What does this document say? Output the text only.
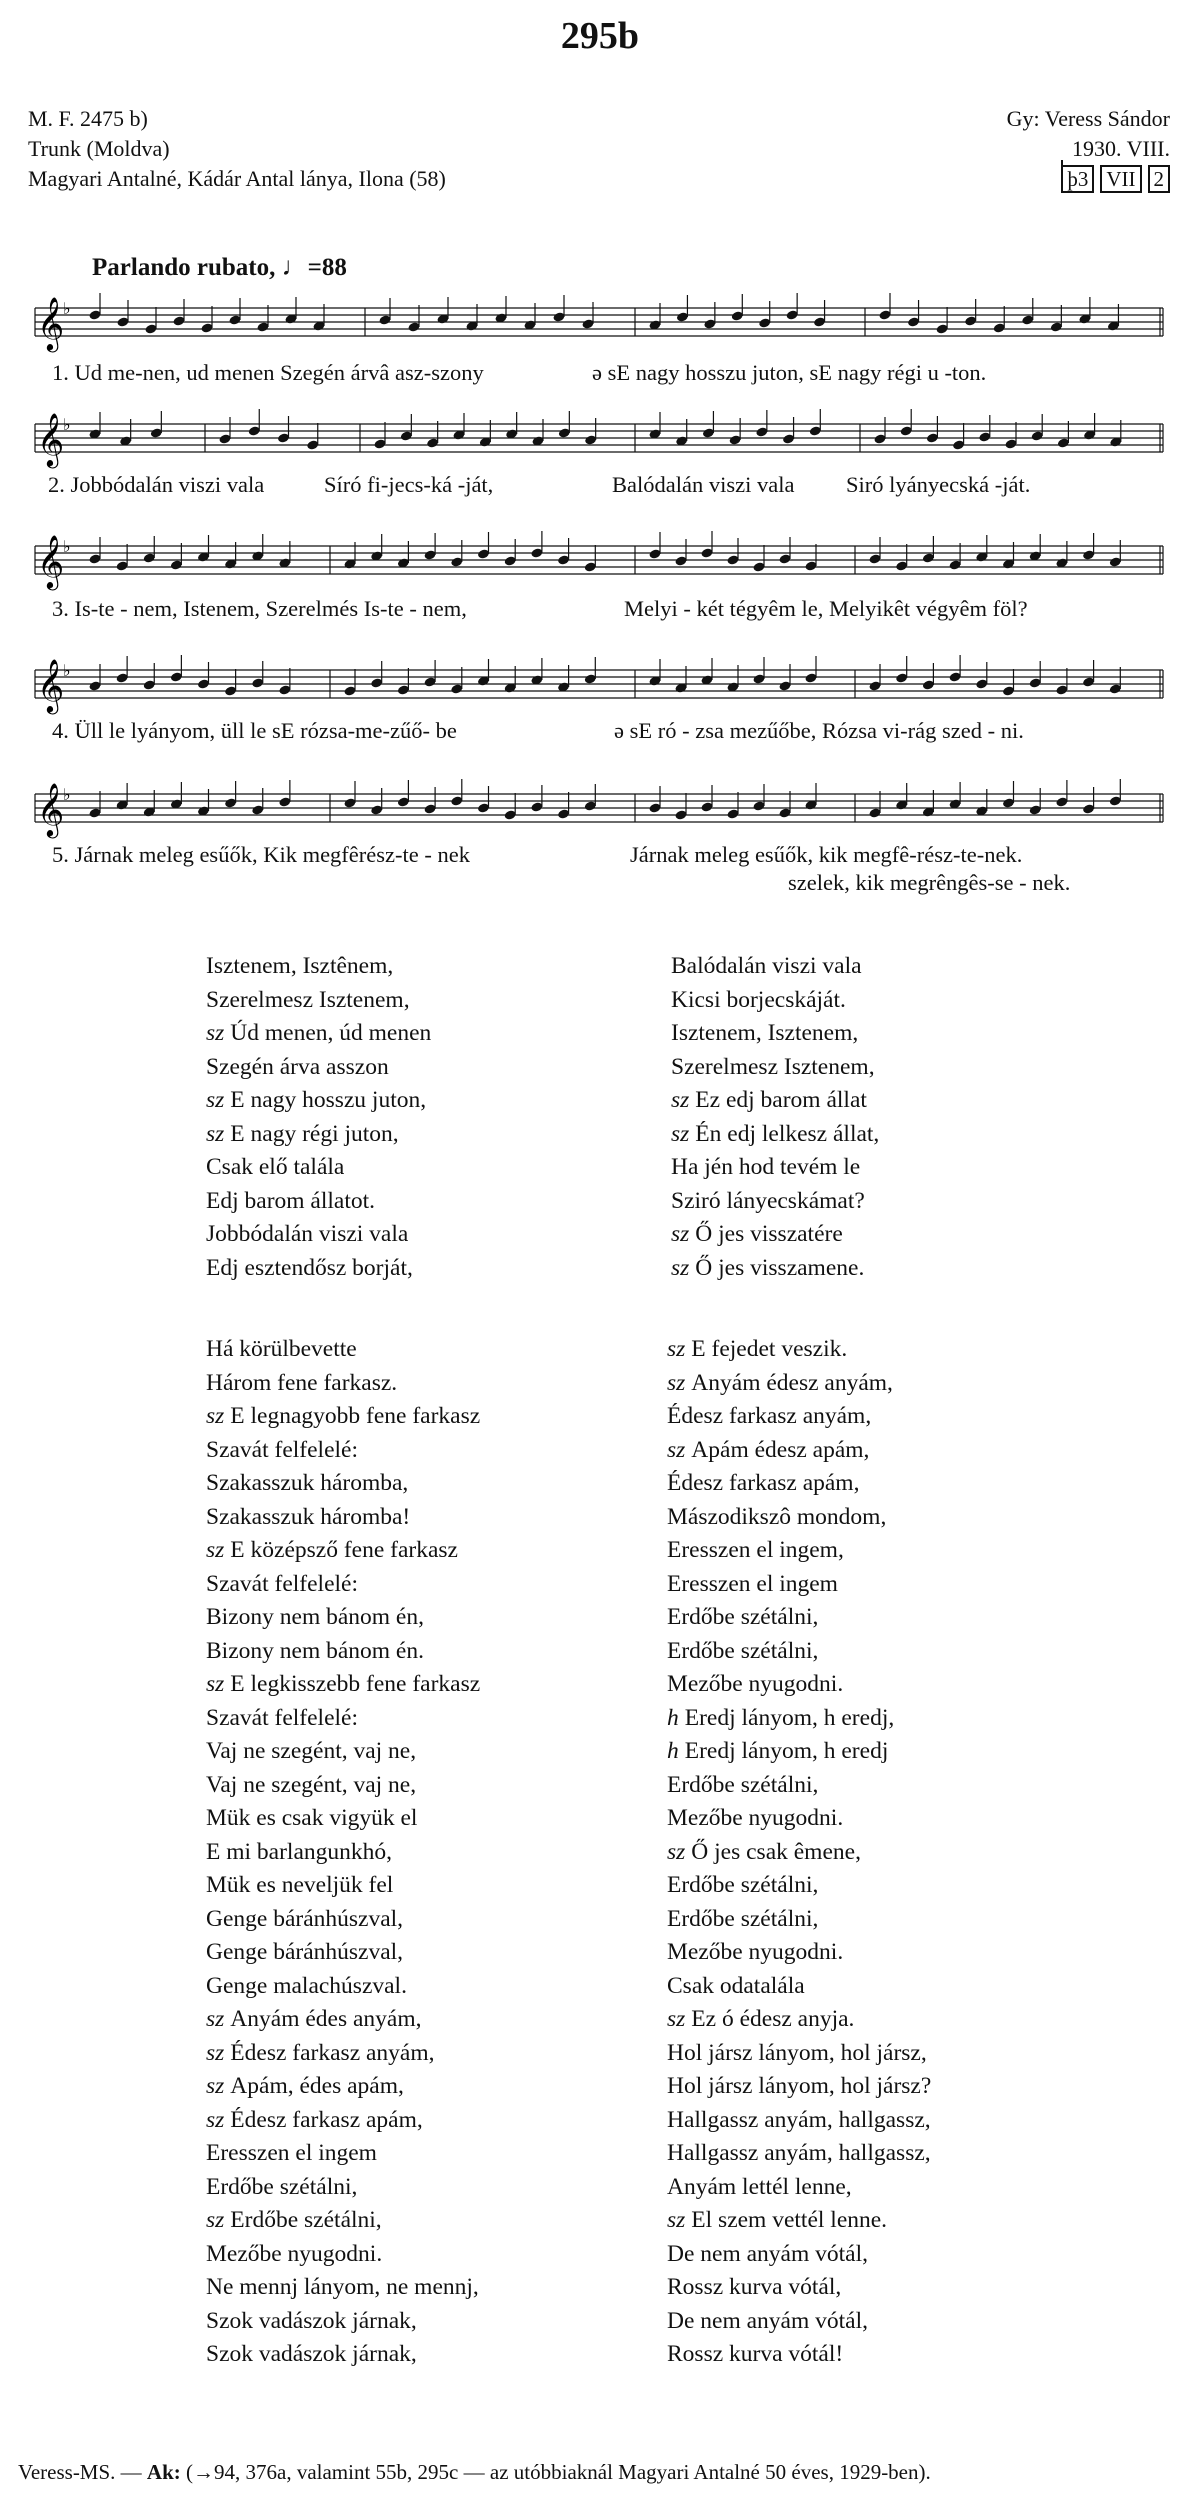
295b
M. F. 2475 b)
Trunk (Moldva)
Magyari Antalné, Kádár Antal lánya, Ilona (58)
Gy: Veress Sándor
1930. VIII.
þ3 VII 2
Parlando rubato, ♩=88
𝄞
♭
𝄞
♭
𝄞
♭
𝄞
♭
𝄞
♭
1. Ud me-nen, ud menen Szegén árvâ asz-szony	ə sE nagy hosszu juton, sE nagy régi u -ton.
2. Jobbódalán viszi vala	Síró fi-jecs-ká -ját,	Balódalán viszi vala Siró lyányecská -ját.
3. Is-te - nem, Istenem, Szerelmés Is-te - nem,	Melyi - két tégyêm le, Melyikêt végyêm föl?
4. Üll le lyányom, üll le sE rózsa-me-zűő- be	ə sE ró - zsa mezűőbe, Rózsa vi-rág szed - ni.
5. Járnak meleg esűők, Kik megfêrész-te - nek	Járnak meleg esűők, kik megfê-rész-te-nek.
szelek, kik megrêngês-se - nek.
Isztenem, Isztênem,
Szerelmesz Isztenem,
sz Úd menen, úd menen
Szegén árva asszon
sz E nagy hosszu juton,
sz E nagy régi juton,
Csak elő talála
Edj barom állatot.
Jobbódalán viszi vala
Edj esztendősz borját,
Balódalán viszi vala
Kicsi borjecskáját.
Isztenem, Isztenem,
Szerelmesz Isztenem,
sz Ez edj barom állat
sz Én edj lelkesz állat,
Ha jén hod tevém le
Sziró lányecskámat?
sz Ő jes visszatére
sz Ő jes visszamene.
Há körülbevette
Három fene farkasz.
sz E legnagyobb fene farkasz
Szavát felfelelé:
Szakasszuk háromba,
Szakasszuk háromba!
sz E középsző fene farkasz
Szavát felfelelé:
Bizony nem bánom én,
Bizony nem bánom én.
sz E legkisszebb fene farkasz
Szavát felfelelé:
Vaj ne szegént, vaj ne,
Vaj ne szegént, vaj ne,
Mük es csak vigyük el
E mi barlangunkhó,
Mük es neveljük fel
Genge báránhúszval,
Genge báránhúszval,
Genge malachúszval.
sz Anyám édes anyám,
sz Édesz farkasz anyám,
sz Apám, édes apám,
sz Édesz farkasz apám,
Eresszen el ingem
Erdőbe szétálni,
sz Erdőbe szétálni,
Mezőbe nyugodni.
Ne mennj lányom, ne mennj,
Szok vadászok járnak,
Szok vadászok járnak,
sz E fejedet veszik.
sz Anyám édesz anyám,
Édesz farkasz anyám,
sz Apám édesz apám,
Édesz farkasz apám,
Mászodikszô mondom,
Eresszen el ingem,
Eresszen el ingem
Erdőbe szétálni,
Erdőbe szétálni,
Mezőbe nyugodni.
h Eredj lányom, h eredj,
h Eredj lányom, h eredj
Erdőbe szétálni,
Mezőbe nyugodni.
sz Ő jes csak êmene,
Erdőbe szétálni,
Erdőbe szétálni,
Mezőbe nyugodni.
Csak odatalála
sz Ez ó édesz anyja.
Hol jársz lányom, hol jársz,
Hol jársz lányom, hol jársz?
Hallgassz anyám, hallgassz,
Hallgassz anyám, hallgassz,
Anyám lettél lenne,
sz El szem vettél lenne.
De nem anyám vótál,
Rossz kurva vótál,
De nem anyám vótál,
Rossz kurva vótál!
Veress-MS. — Ak: (→94, 376a, valamint 55b, 295c — az utóbbiaknál Magyari Antalné 50 éves, 1929-ben).
